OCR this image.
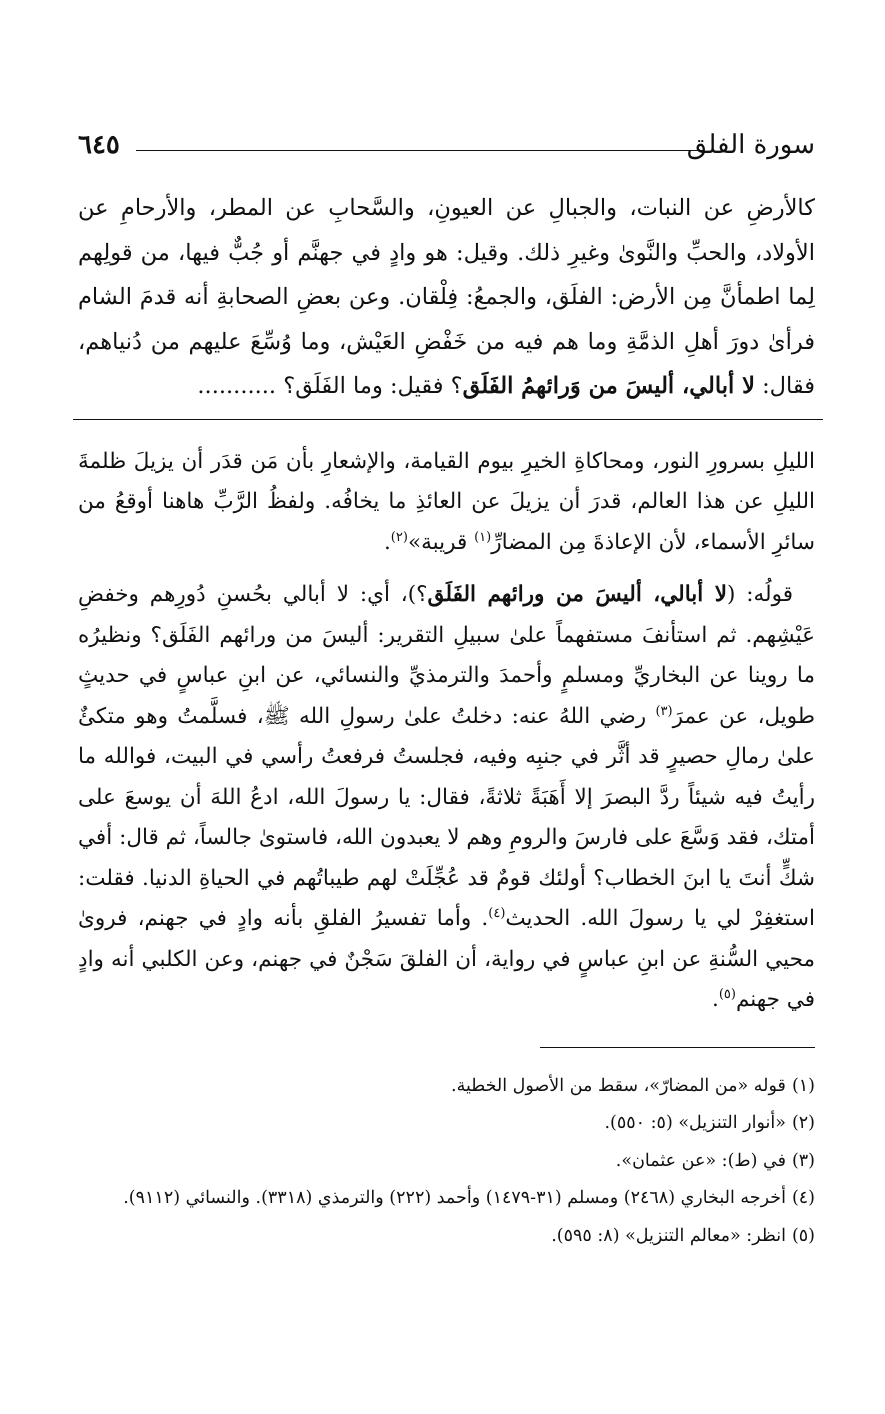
سورة الفلق
٦٤٥
كالأرضِ عن النبات، والجبالِ عن العيونِ، والسَّحابِ عن المطر، والأرحامِ عن الأولاد، والحبِّ والنَّوىٰ وغيرِ ذلك. وقيل: هو وادٍ في جهنَّم أو جُبٌّ فيها، من قولِهم لِما اطمأنَّ مِن الأرض: الفلَق، والجمعُ: فِلْقان. وعن بعضِ الصحابةِ أنه قدمَ الشام فرأىٰ دورَ أهلِ الذمَّةِ وما هم فيه من خَفْضِ العَيْش، وما وُسِّعَ عليهم من دُنياهم، فقال: لا أبالي، أليسَ من وَرائهمُ الفَلَق؟ فقيل: وما الفَلَق؟ ...........

الليلِ بسرورِ النور، ومحاكاةِ الخيرِ بيوم القيامة، والإشعارِ بأن مَن قدَر أن يزيلَ ظلمةَ الليلِ عن هذا العالم، قدرَ أن يزيلَ عن العائذِ ما يخافُه. ولفظُ الرَّبِّ هاهنا أوقعُ من سائرِ الأسماء، لأن الإعاذةَ مِن المضارِّ$^{(١)}$ قريبة»$^{(٢)}$.

قولُه: (لا أبالي، أليسَ من ورائهم الفَلَق؟)، أي: لا أبالي بحُسنِ دُورِهم وخفضِ عَيْشِهم. ثم استأنفَ مستفهماً علىٰ سبيلِ التقرير: أليسَ من ورائهم الفَلَق؟ ونظيرُه ما روينا عن البخاريِّ ومسلمٍ وأحمدَ والترمذيِّ والنسائي، عن ابنِ عباسٍ في حديثٍ طويل، عن عمرَ$^{(٣)}$ رضي اللهُ عنه: دخلتُ علىٰ رسولِ الله ﷺ، فسلَّمتُ وهو متكئٌ علىٰ رمالِ حصيرٍ قد أثَّر في جنبِه وفيه، فجلستُ فرفعتُ رأسي في البيت، فوالله ما رأيتُ فيه شيئاً ردَّ البصرَ إلا أَهَبَةً ثلاثةً، فقال: يا رسولَ الله، ادعُ اللهَ أن يوسعَ على أمتك، فقد وَسَّعَ على فارسَ والرومِ وهم لا يعبدون الله، فاستوىٰ جالساً، ثم قال: أفي شكٍّ أنتَ يا ابنَ الخطاب؟ أولئك قومٌ قد عُجِّلَتْ لهم طيباتُهم في الحياةِ الدنيا. فقلت: استغفِرْ لي يا رسولَ الله. الحديث$^{(٤)}$. وأما تفسيرُ الفلقِ بأنه وادٍ في جهنم، فروىٰ محيي السُّنةِ عن ابنِ عباسٍ في رواية، أن الفلقَ سَجْنٌ في جهنم، وعن الكلبي أنه وادٍ في جهنم$^{(٥)}$.

(١)قوله «من المضارّ»، سقط من الأصول الخطية.
(٢)«أنوار التنزيل» (٥: ٥٥٠).
(٣)في (ط): «عن عثمان».
(٤)أخرجه البخاري (٢٤٦٨) ومسلم (٣١-١٤٧٩) وأحمد (٢٢٢) والترمذي (٣٣١٨). والنسائي (٩١١٢).
(٥)انظر: «معالم التنزيل» (٨: ٥٩٥).
